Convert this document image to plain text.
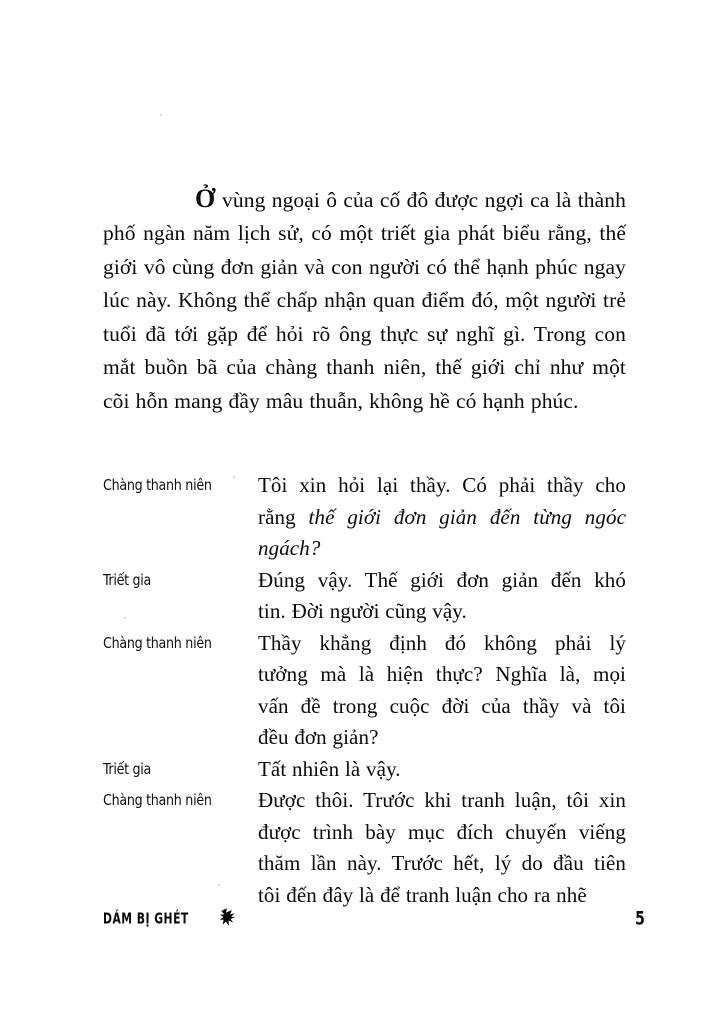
Ở vùng ngoại ô của cố đô được ngợi ca là thành phố ngàn năm lịch sử, có một triết gia phát biểu rằng, thế giới vô cùng đơn giản và con người có thể hạnh phúc ngay lúc này. Không thể chấp nhận quan điểm đó, một người trẻ tuổi đã tới gặp để hỏi rõ ông thực sự nghĩ gì. Trong con mắt buồn bã của chàng thanh niên, thế giới chỉ như một cõi hỗn mang đầy mâu thuẫn, không hề có hạnh phúc.

Chàng thanh niên	Tôi xin hỏi lại thầy. Có phải thầy cho
rằng thế giới đơn giản đến từng ngóc
ngách?
Triết gia	Đúng vậy. Thế giới đơn giản đến khó
tin. Đời người cũng vậy.
Chàng thanh niên	Thầy khẳng định đó không phải lý
tưởng mà là hiện thực? Nghĩa là, mọi
vấn đề trong cuộc đời của thầy và tôi
đều đơn giản?
Triết gia	Tất nhiên là vậy.
Chàng thanh niên	Được thôi. Trước khi tranh luận, tôi xin
được trình bày mục đích chuyến viếng
thăm lần này. Trước hết, lý do đầu tiên
tôi đến đây là để tranh luận cho ra nhẽ
DÁM BỊ GHÉT	5
